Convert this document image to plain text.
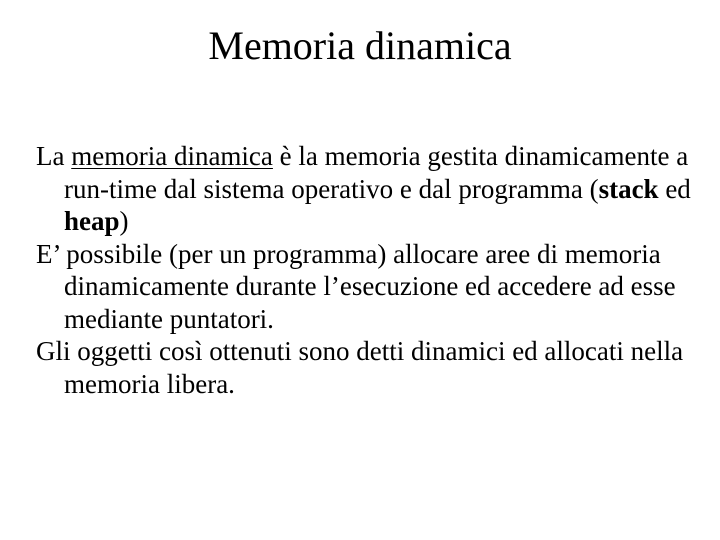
Memoria dinamica

La memoria dinamica è la memoria gestita dinamicamente a run-time dal sistema operativo e dal programma (stack ed heap)

E’ possibile (per un programma) allocare aree di memoria dinamicamente durante l’esecuzione ed accedere ad esse mediante puntatori.

Gli oggetti così ottenuti sono detti dinamici ed allocati nella memoria libera.
